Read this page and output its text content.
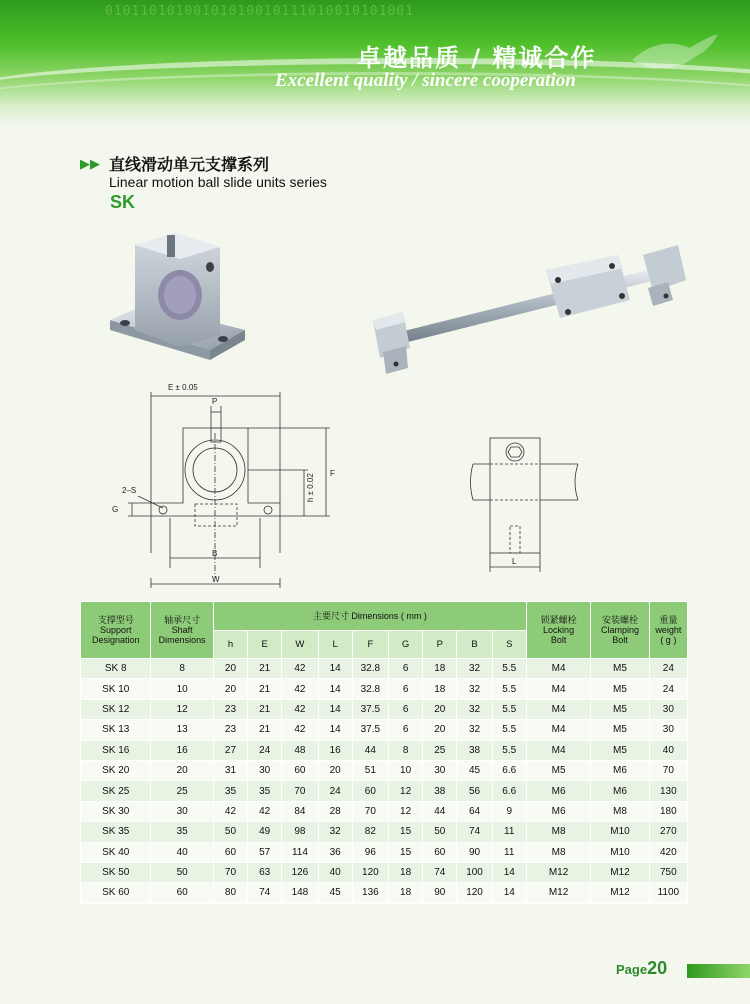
01011010100101010010111010010101001
卓越品质 / 精诚合作
Excellent quality / sincere cooperation
▶▶ 直线滑动单元支撑系列
Linear motion ball slide units series
SK
E ± 0.05
P
2–S
G
h ± 0.02 F
B
W
L
支撑型号
Support
Designation	轴承尺寸
Shaft
Dimensions	主要尺寸 Dimensions ( mm )									锁紧螺栓
Locking
Bolt	安装螺栓
Clamping
Bolt	重量
weight
( g )
		h	E	W	L	F	G	P	B	S			
SK 8	8	20	21	42	14	32.8	6	18	32	5.5	M4	M5	24
SK 10	10	20	21	42	14	32.8	6	18	32	5.5	M4	M5	24
SK 12	12	23	21	42	14	37.5	6	20	32	5.5	M4	M5	30
SK 13	13	23	21	42	14	37.5	6	20	32	5.5	M4	M5	30
SK 16	16	27	24	48	16	44	8	25	38	5.5	M4	M5	40
SK 20	20	31	30	60	20	51	10	30	45	6.6	M5	M6	70
SK 25	25	35	35	70	24	60	12	38	56	6.6	M6	M6	130
SK 30	30	42	42	84	28	70	12	44	64	9	M6	M8	180
SK 35	35	50	49	98	32	82	15	50	74	11	M8	M10	270
SK 40	40	60	57	114	36	96	15	60	90	11	M8	M10	420
SK 50	50	70	63	126	40	120	18	74	100	14	M12	M12	750
SK 60	60	80	74	148	45	136	18	90	120	14	M12	M12	1100
Page20
